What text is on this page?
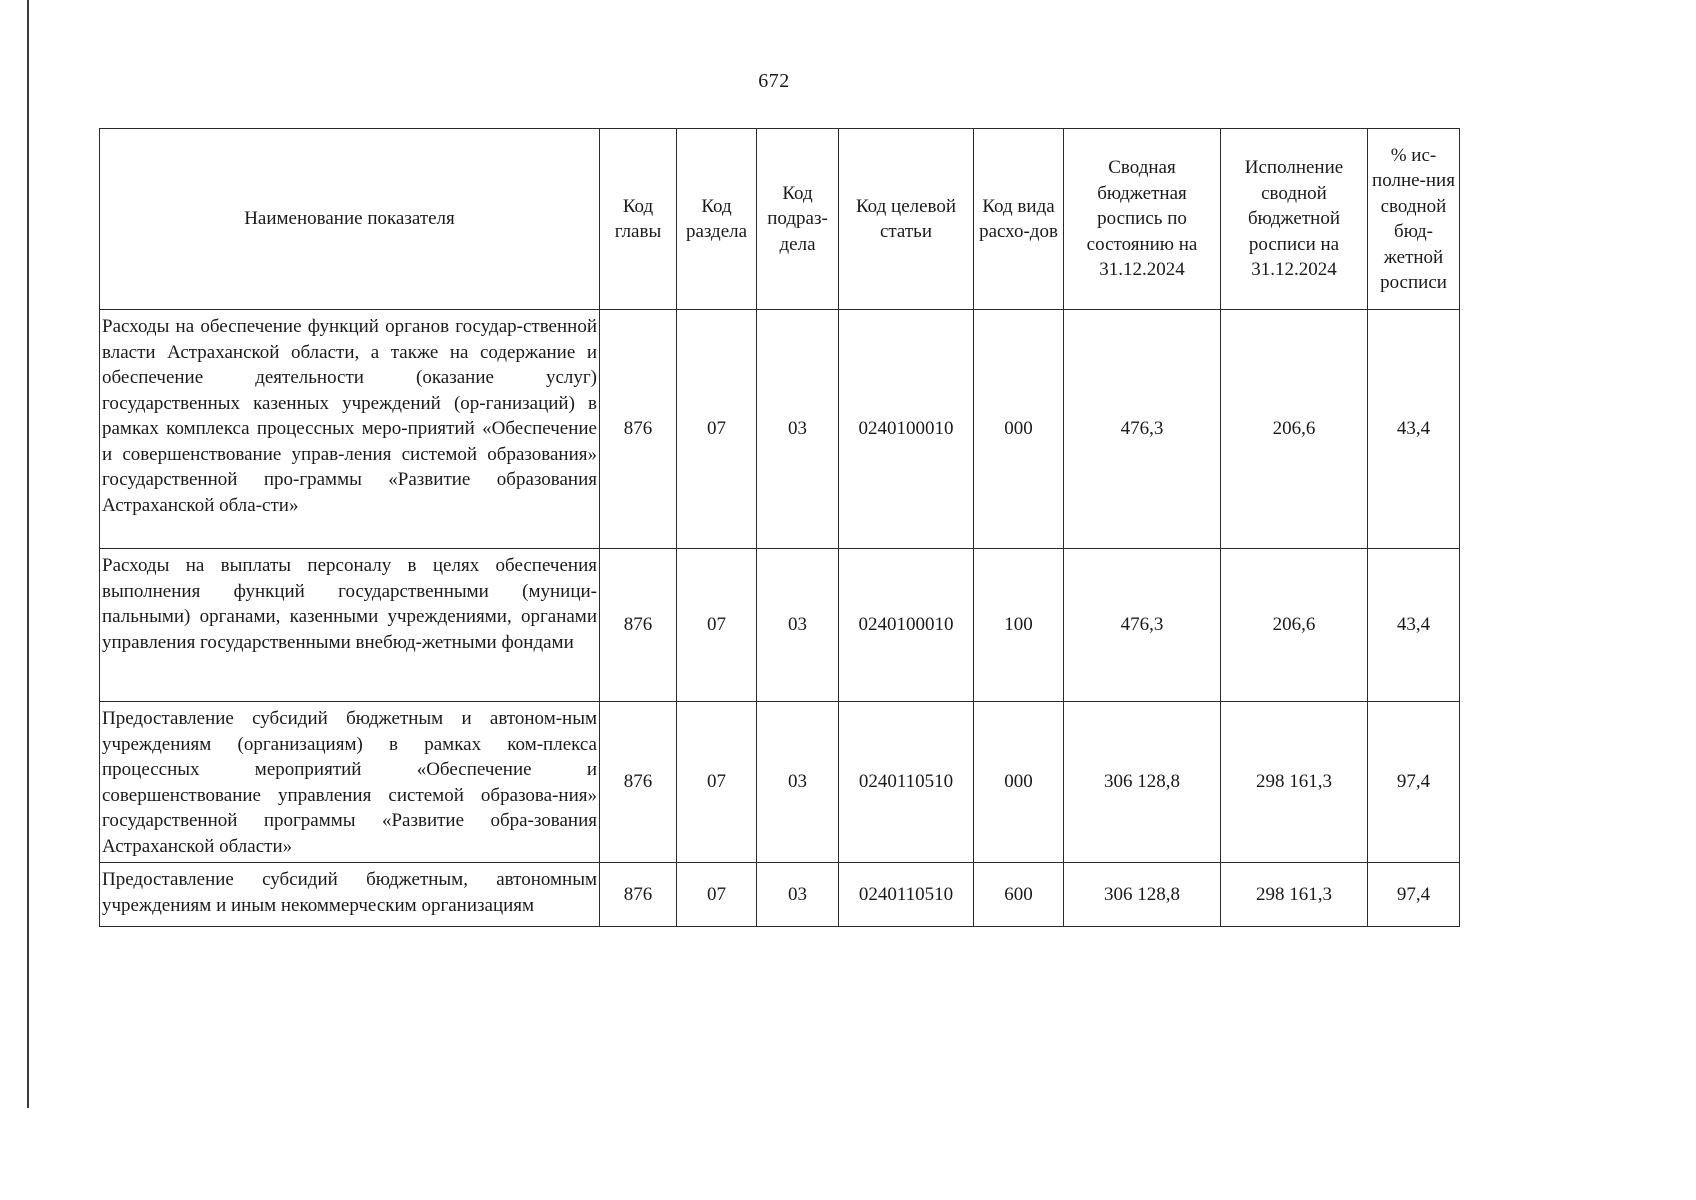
672
Наименование показателя	Код главы	Код раздела	Код подраз-дела	Код целевой статьи	Код вида расхо-дов	Сводная бюджетная роспись по состоянию на 31.12.2024	Исполнение сводной бюджетной росписи на 31.12.2024	% ис-полне-ния сводной бюд-жетной росписи
Расходы на обеспечение функций органов государ-ственной власти Астраханской области, а также на содержание и обеспечение деятельности (оказание услуг) государственных казенных учреждений (ор-ганизаций) в рамках комплекса процессных меро-приятий «Обеспечение и совершенствование управ-ления системой образования» государственной про-граммы «Развитие образования Астраханской обла-сти»	876	07	03	0240100010	000	476,3	206,6	43,4
Расходы на выплаты персоналу в целях обеспечения выполнения функций государственными (муници-пальными) органами, казенными учреждениями, органами управления государственными внебюд-жетными фондами	876	07	03	0240100010	100	476,3	206,6	43,4
Предоставление субсидий бюджетным и автоном-ным учреждениям (организациям) в рамках ком-плекса процессных мероприятий «Обеспечение и совершенствование управления системой образова-ния» государственной программы «Развитие обра-зования Астраханской области»	876	07	03	0240110510	000	306 128,8	298 161,3	97,4
Предоставление субсидий бюджетным, автономным учреждениям и иным некоммерческим организациям	876	07	03	0240110510	600	306 128,8	298 161,3	97,4
